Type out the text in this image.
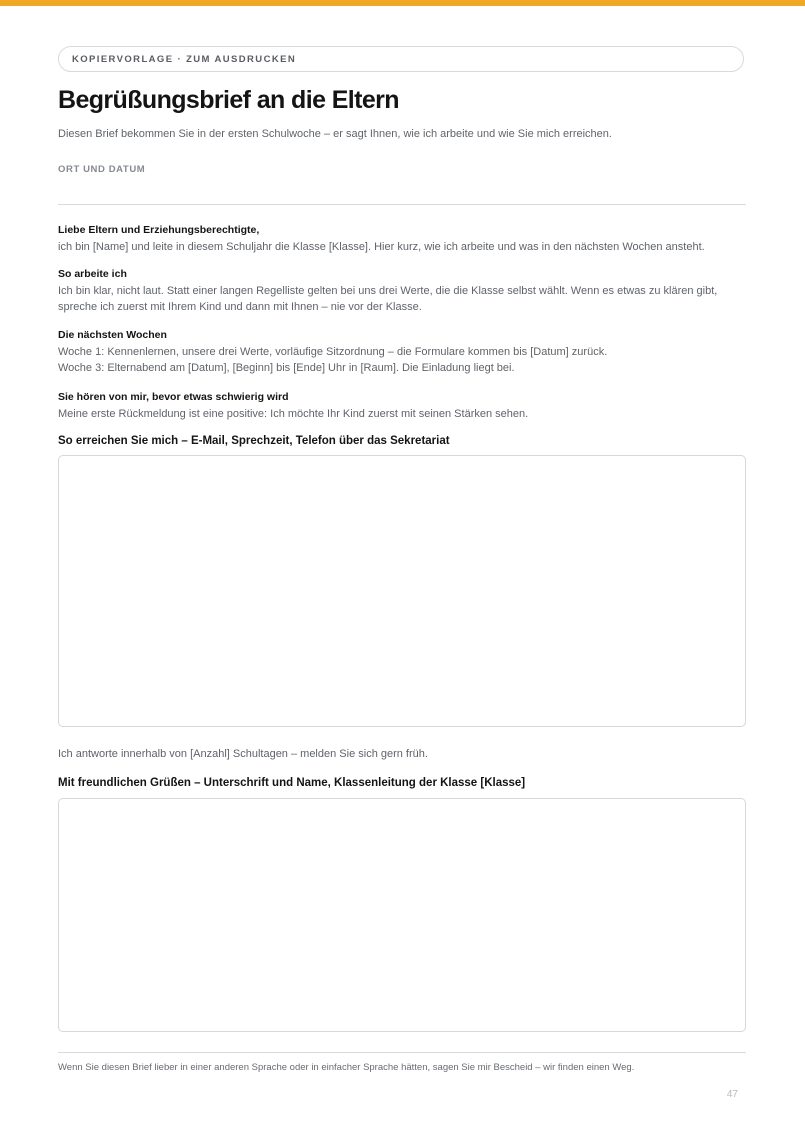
KOPIERVORLAGE · ZUM AUSDRUCKEN
Begrüßungsbrief an die Eltern
Diesen Brief bekommen Sie in der ersten Schulwoche – er sagt Ihnen, wie ich arbeite und wie Sie mich erreichen.
ORT UND DATUM
Liebe Eltern und Erziehungsberechtigte,
ich bin [Name] und leite in diesem Schuljahr die Klasse [Klasse]. Hier kurz, wie ich arbeite und was in den nächsten Wochen ansteht.
So arbeite ich
Ich bin klar, nicht laut. Statt einer langen Regelliste gelten bei uns drei Werte, die die Klasse selbst wählt. Wenn es etwas zu klären gibt,
spreche ich zuerst mit Ihrem Kind und dann mit Ihnen – nie vor der Klasse.
Die nächsten Wochen
Woche 1: Kennenlernen, unsere drei Werte, vorläufige Sitzordnung – die Formulare kommen bis [Datum] zurück.
Woche 3: Elternabend am [Datum], [Beginn] bis [Ende] Uhr in [Raum]. Die Einladung liegt bei.
Sie hören von mir, bevor etwas schwierig wird
Meine erste Rückmeldung ist eine positive: Ich möchte Ihr Kind zuerst mit seinen Stärken sehen.
So erreichen Sie mich – E-Mail, Sprechzeit, Telefon über das Sekretariat
Ich antworte innerhalb von [Anzahl] Schultagen – melden Sie sich gern früh.
Mit freundlichen Grüßen – Unterschrift und Name, Klassenleitung der Klasse [Klasse]
Wenn Sie diesen Brief lieber in einer anderen Sprache oder in einfacher Sprache hätten, sagen Sie mir Bescheid – wir finden einen Weg.
47
